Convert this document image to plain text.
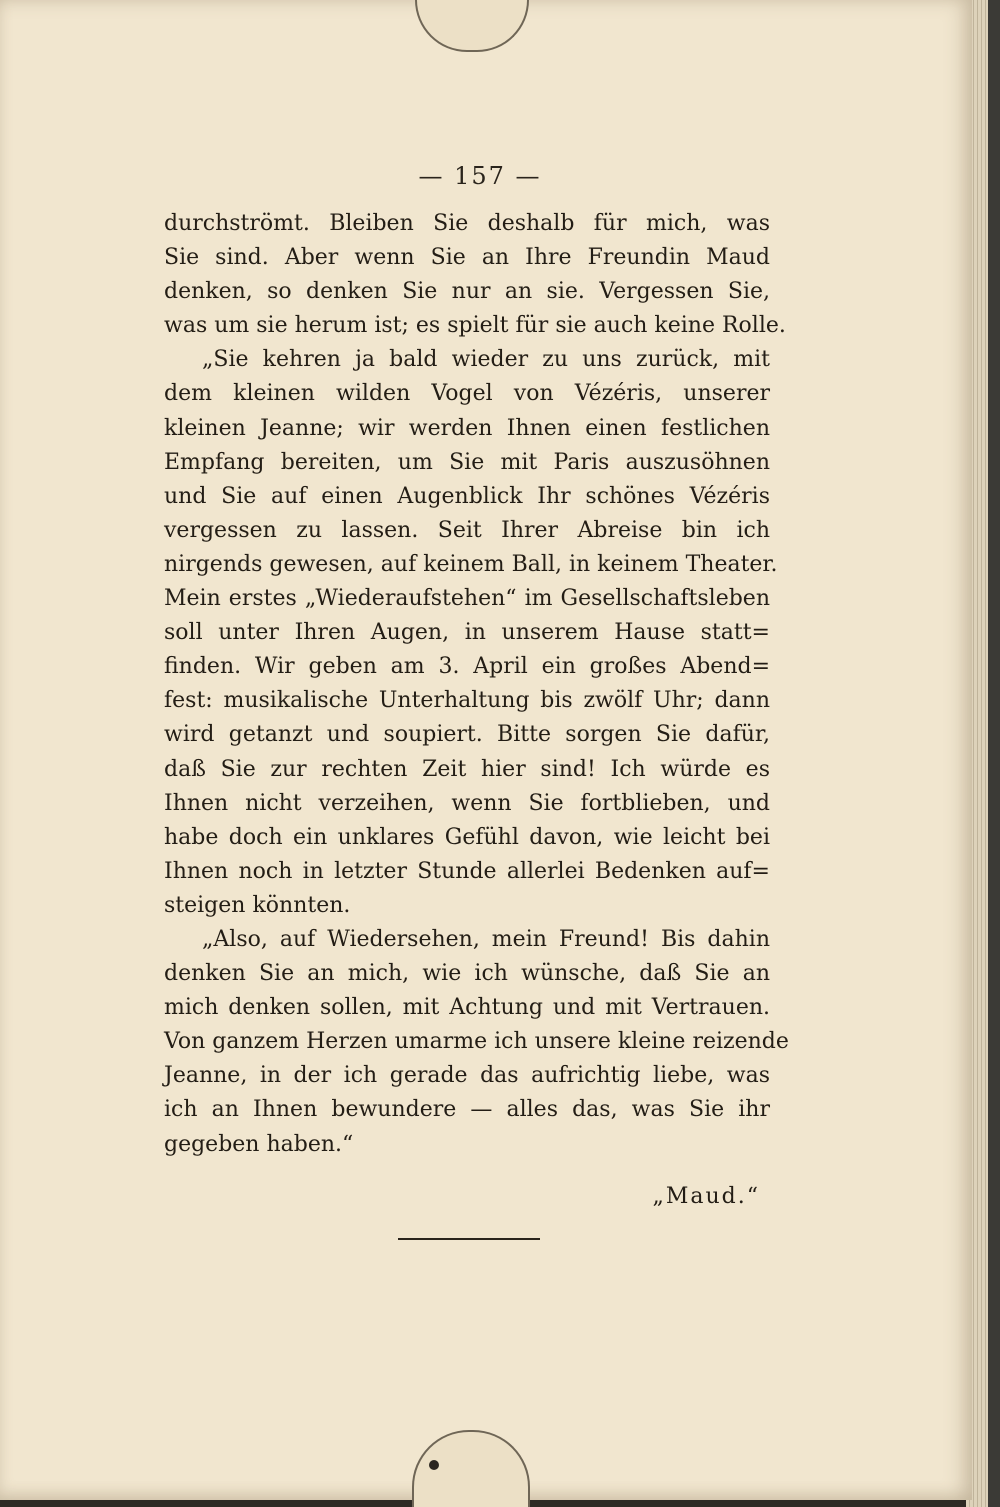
— 157 —
durchströmt. Bleiben Sie deshalb für mich, was
Sie sind. Aber wenn Sie an Ihre Freundin Maud
denken, so denken Sie nur an sie. Vergessen Sie,
was um sie herum ist; es spielt für sie auch keine Rolle.
„Sie kehren ja bald wieder zu uns zurück, mit
dem kleinen wilden Vogel von Vézéris, unserer
kleinen Jeanne; wir werden Ihnen einen festlichen
Empfang bereiten, um Sie mit Paris auszusöhnen
und Sie auf einen Augenblick Ihr schönes Vézéris
vergessen zu lassen. Seit Ihrer Abreise bin ich
nirgends gewesen, auf keinem Ball, in keinem Theater.
Mein erstes „Wiederaufstehen“ im Gesellschaftsleben
soll unter Ihren Augen, in unserem Hause statt=
finden. Wir geben am 3. April ein großes Abend=
fest: musikalische Unterhaltung bis zwölf Uhr; dann
wird getanzt und soupiert. Bitte sorgen Sie dafür,
daß Sie zur rechten Zeit hier sind! Ich würde es
Ihnen nicht verzeihen, wenn Sie fortblieben, und
habe doch ein unklares Gefühl davon, wie leicht bei
Ihnen noch in letzter Stunde allerlei Bedenken auf=
steigen könnten.
„Also, auf Wiedersehen, mein Freund! Bis dahin
denken Sie an mich, wie ich wünsche, daß Sie an
mich denken sollen, mit Achtung und mit Vertrauen.
Von ganzem Herzen umarme ich unsere kleine reizende
Jeanne, in der ich gerade das aufrichtig liebe, was
ich an Ihnen bewundere — alles das, was Sie ihr
gegeben haben.“
„Maud.“
